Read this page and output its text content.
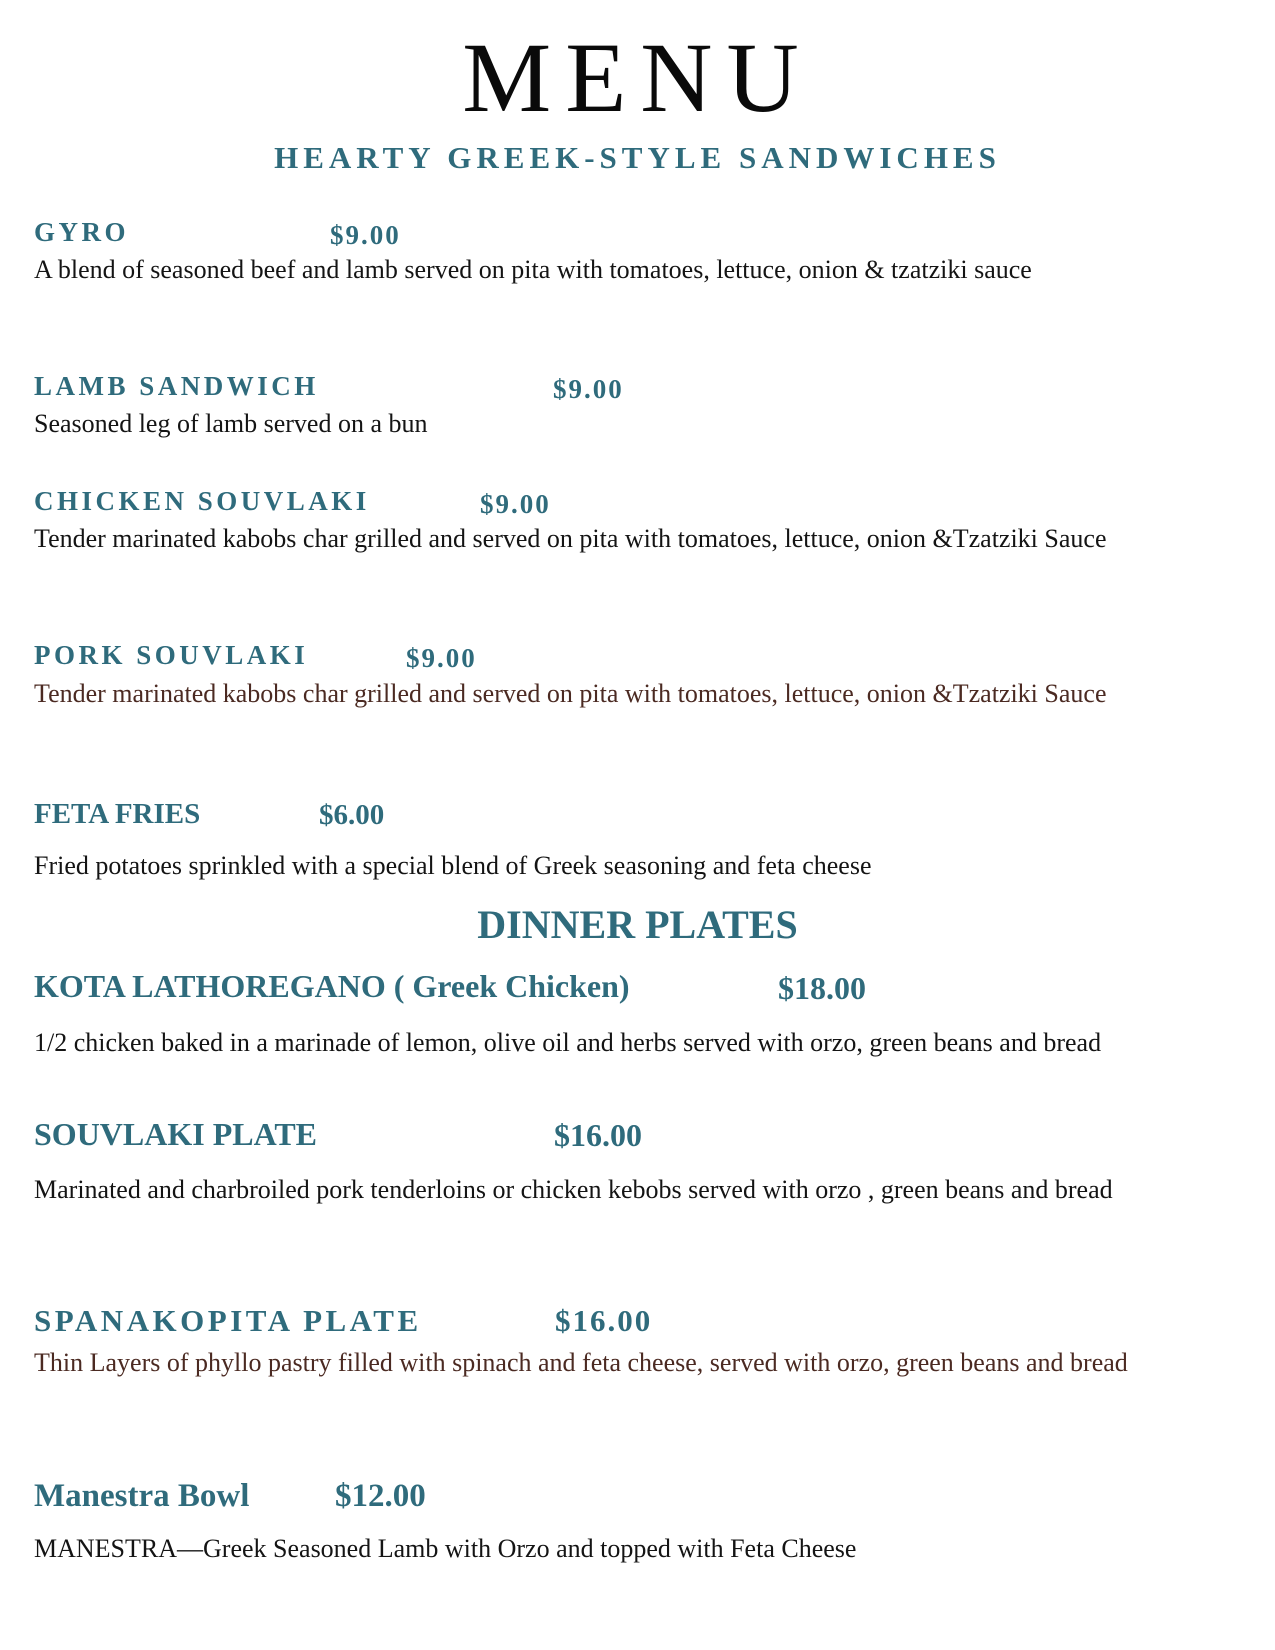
MENU
HEARTY GREEK-STYLE SANDWICHES
GYRO	$9.00
A blend of seasoned beef and lamb served on pita with tomatoes, lettuce, onion & tzatziki sauce
LAMB SANDWICH	$9.00
Seasoned leg of lamb served on a bun
CHICKEN SOUVLAKI	$9.00
Tender marinated kabobs char grilled and served on pita with tomatoes, lettuce, onion &Tzatziki Sauce
PORK SOUVLAKI	$9.00
Tender marinated kabobs char grilled and served on pita with tomatoes, lettuce, onion &Tzatziki Sauce
FETA FRIES	$6.00
Fried potatoes sprinkled with a special blend of Greek seasoning and feta cheese
DINNER PLATES
KOTA LATHOREGANO ( Greek Chicken)	$18.00
1/2 chicken baked in a marinade of lemon, olive oil and herbs served with orzo, green beans and bread
SOUVLAKI PLATE	$16.00
Marinated and charbroiled pork tenderloins or chicken kebobs served with orzo , green beans and bread
SPANAKOPITA PLATE	$16.00
Thin Layers of phyllo pastry filled with spinach and feta cheese, served with orzo, green beans and bread
Manestra Bowl	$12.00
MANESTRA—Greek Seasoned Lamb with Orzo and topped with Feta Cheese
